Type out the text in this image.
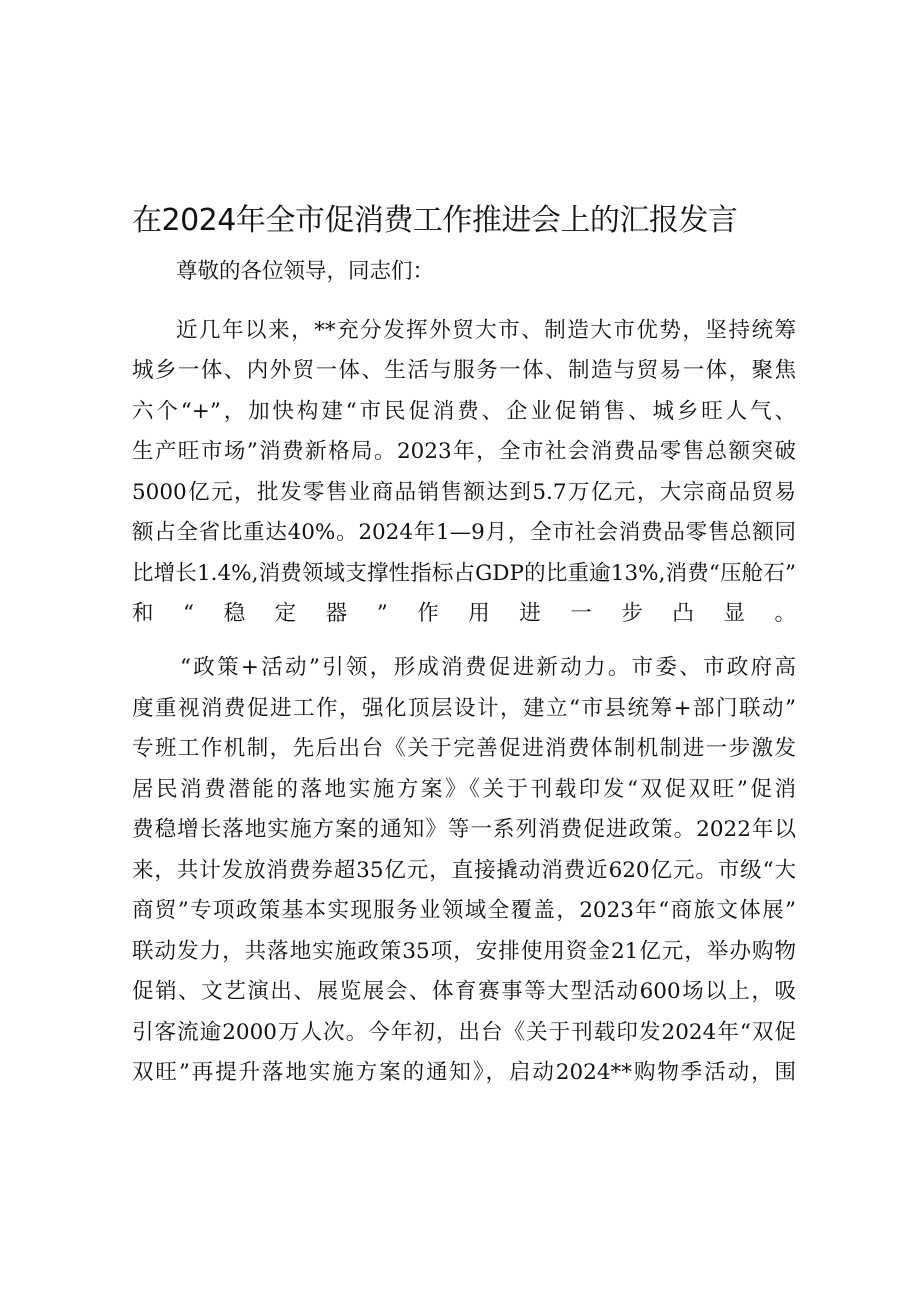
在2024年全市促消费工作推进会上的汇报发言
尊敬的各位领导，同志们：
近几年以来，**充分发挥外贸大市、制造大市优势，坚持统筹
城乡一体、内外贸一体、生活与服务一体、制造与贸易一体，聚焦
六个“+”，加快构建“市民促消费、企业促销售、城乡旺人气、
生产旺市场”消费新格局。2023年，全市社会消费品零售总额突破
5000亿元，批发零售业商品销售额达到5.7万亿元，大宗商品贸易
额占全省比重达40%。2024年1—9月，全市社会消费品零售总额同
比增长1.4%,消费领域支撑性指标占GDP的比重逾13%,消费“压舱石”
和“稳定器”作用进一步凸显。
“政策+活动”引领，形成消费促进新动力。市委、市政府高
度重视消费促进工作，强化顶层设计，建立“市县统筹+部门联动”
专班工作机制，先后出台《关于完善促进消费体制机制进一步激发
居民消费潜能的落地实施方案》《关于刊载印发“双促双旺”促消
费稳增长落地实施方案的通知》等一系列消费促进政策。2022年以
来，共计发放消费券超35亿元，直接撬动消费近620亿元。市级“大
商贸”专项政策基本实现服务业领域全覆盖，2023年“商旅文体展”
联动发力，共落地实施政策35项，安排使用资金21亿元，举办购物
促销、文艺演出、展览展会、体育赛事等大型活动600场以上，吸
引客流逾2000万人次。今年初，出台《关于刊载印发2024年“双促
双旺”再提升落地实施方案的通知》，启动2024**购物季活动，围
